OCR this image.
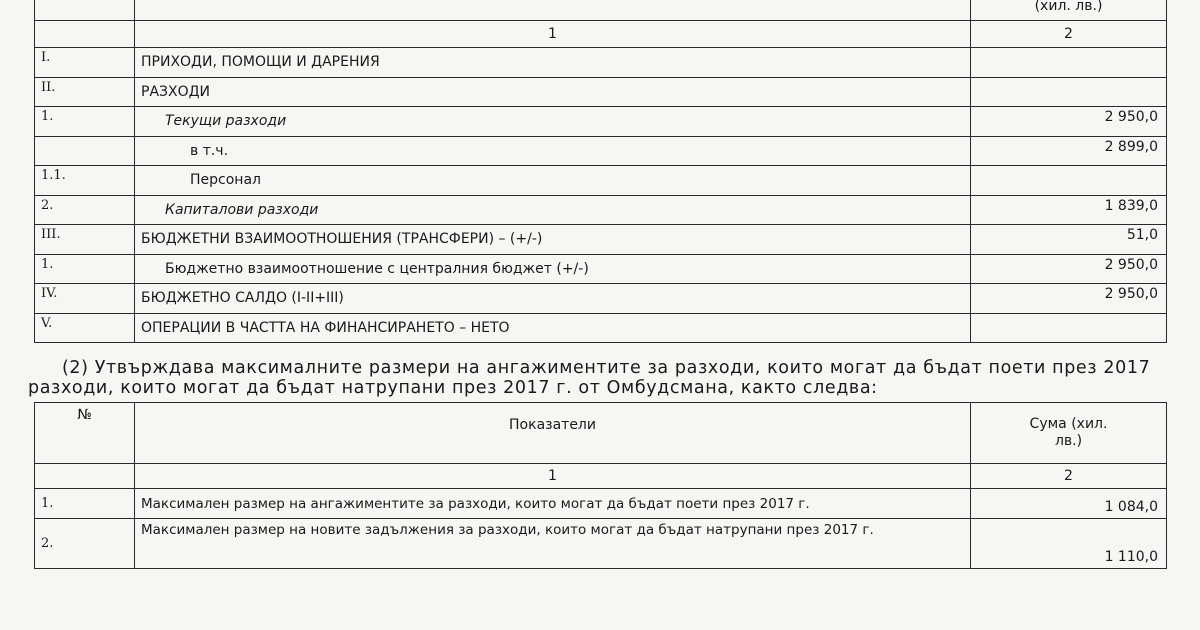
		(хил. лв.)
	1	2
I.	ПРИХОДИ, ПОМОЩИ И ДАРЕНИЯ	
II.	РАЗХОДИ	
1.	Текущи разходи	2 950,0
	в т.ч.	2 899,0
1.1.	Персонал	
2.	Капиталови разходи	1 839,0
III.	БЮДЖЕТНИ ВЗАИМООТНОШЕНИЯ (ТРАНСФЕРИ) – (+/-)	51,0
1.	Бюджетно взаимоотношение с централния бюджет (+/-)	2 950,0
IV.	БЮДЖЕТНО САЛДО (I-II+III)	2 950,0
V.	ОПЕРАЦИИ В ЧАСТТА НА ФИНАНСИРАНЕТО – НЕТО	

(2) Утвърждава максималните размери на ангажиментите за разходи, които могат да бъдат поети през 2017

разходи, които могат да бъдат натрупани през 2017 г. от Омбудсмана, както следва:

№	Показатели	Сума (хил. лв.)
	1	2
1.	Максимален размер на ангажиментите за разходи, които могат да бъдат поети през 2017 г.	1 084,0
2.	Максимален размер на новите задължения за разходи, които могат да бъдат натрупани през 2017 г.	1 110,0
